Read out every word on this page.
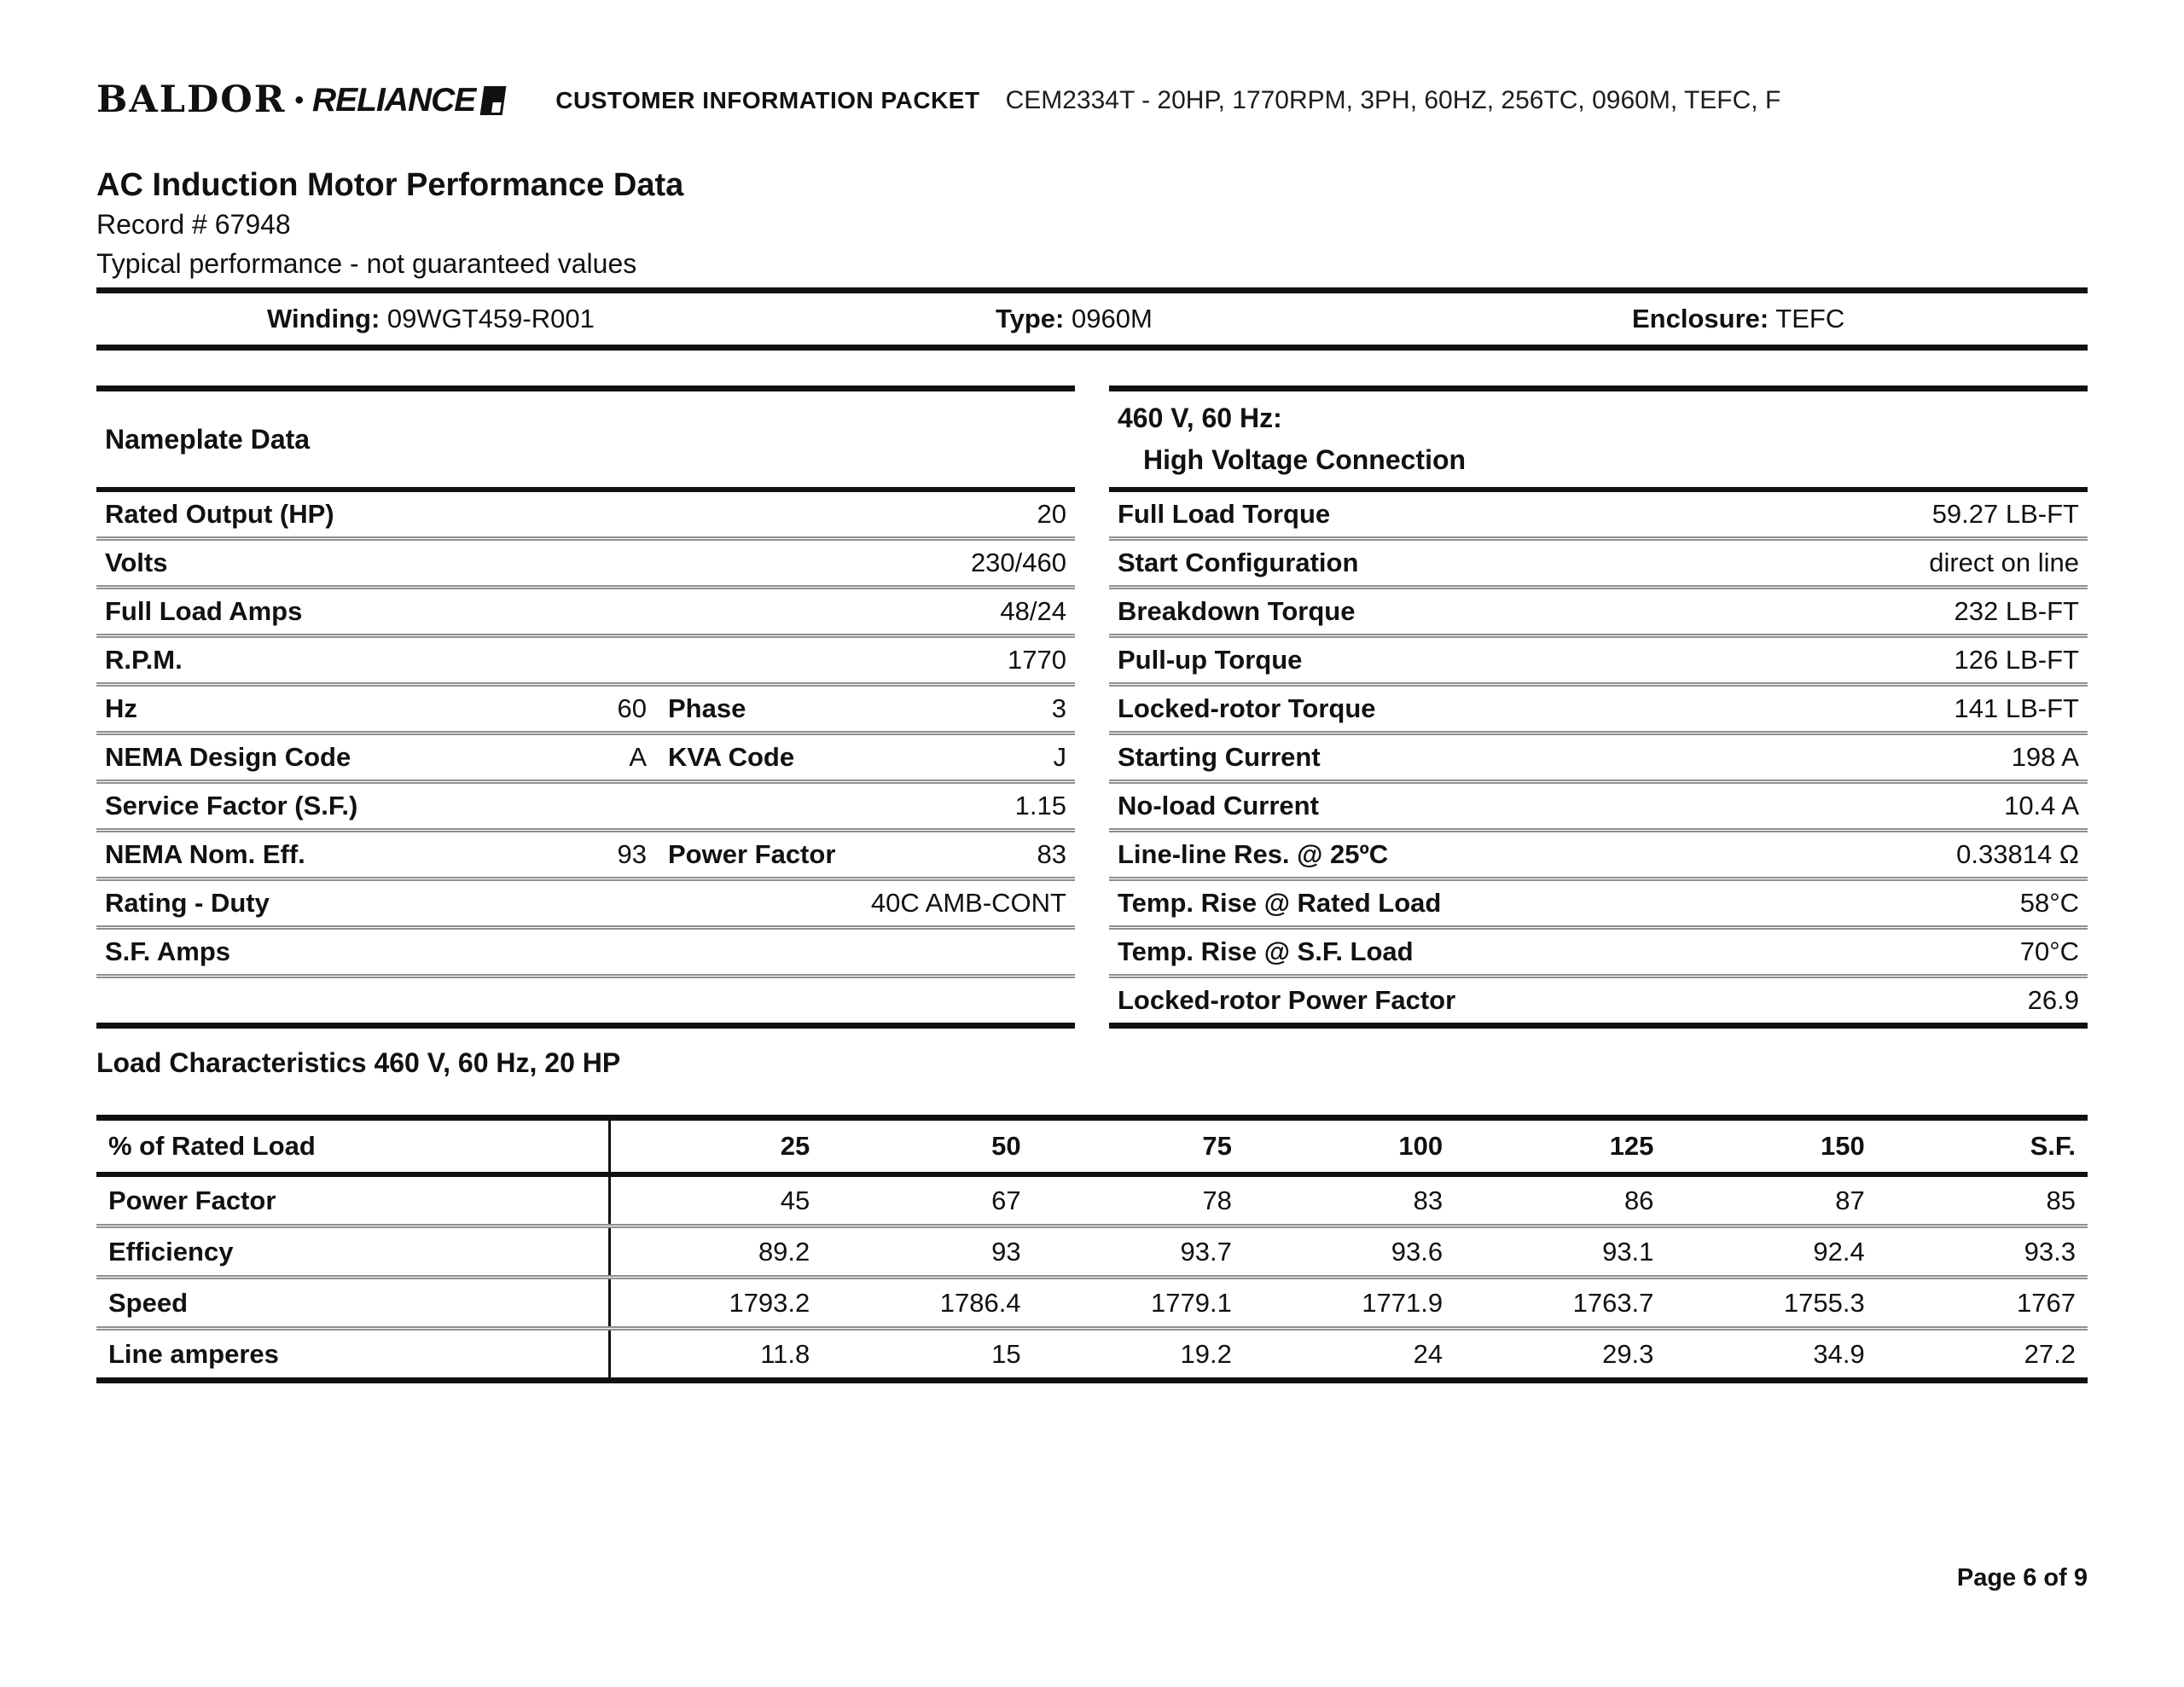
BALDOR • RELIANCE	CUSTOMER INFORMATION PACKET CEM2334T - 20HP, 1770RPM, 3PH, 60HZ, 256TC, 0960M, TEFC, F
AC Induction Motor Performance Data
Record # 67948
Typical performance - not guaranteed values
Winding: 09WGT459-R001	Type: 0960M	Enclosure: TEFC
Nameplate Data
Rated Output (HP)	20
Volts	230/460
Full Load Amps	48/24
R.P.M.	1770
Hz	60 Phase	3
NEMA Design Code	A KVA Code	J
Service Factor (S.F.)	1.15
NEMA Nom. Eff.	93 Power Factor	83
Rating - Duty	40C AMB-CONT
S.F. Amps
460 V, 60 Hz:
High Voltage Connection
Full Load Torque	59.27 LB-FT
Start Configuration	direct on line
Breakdown Torque	232 LB-FT
Pull-up Torque	126 LB-FT
Locked-rotor Torque	141 LB-FT
Starting Current	198 A
No-load Current	10.4 A
Line-line Res. @ 25ºC	0.33814 Ω
Temp. Rise @ Rated Load	58°C
Temp. Rise @ S.F. Load	70°C
Locked-rotor Power Factor	26.9
Load Characteristics 460 V, 60 Hz, 20 HP
% of Rated Load	25	50	75	100	125	150	S.F.
Power Factor	45	67	78	83	86	87	85
Efficiency	89.2	93	93.7	93.6	93.1	92.4	93.3
Speed	1793.2	1786.4	1779.1	1771.9	1763.7	1755.3	1767
Line amperes	11.8	15	19.2	24	29.3	34.9	27.2
Page 6 of 9
